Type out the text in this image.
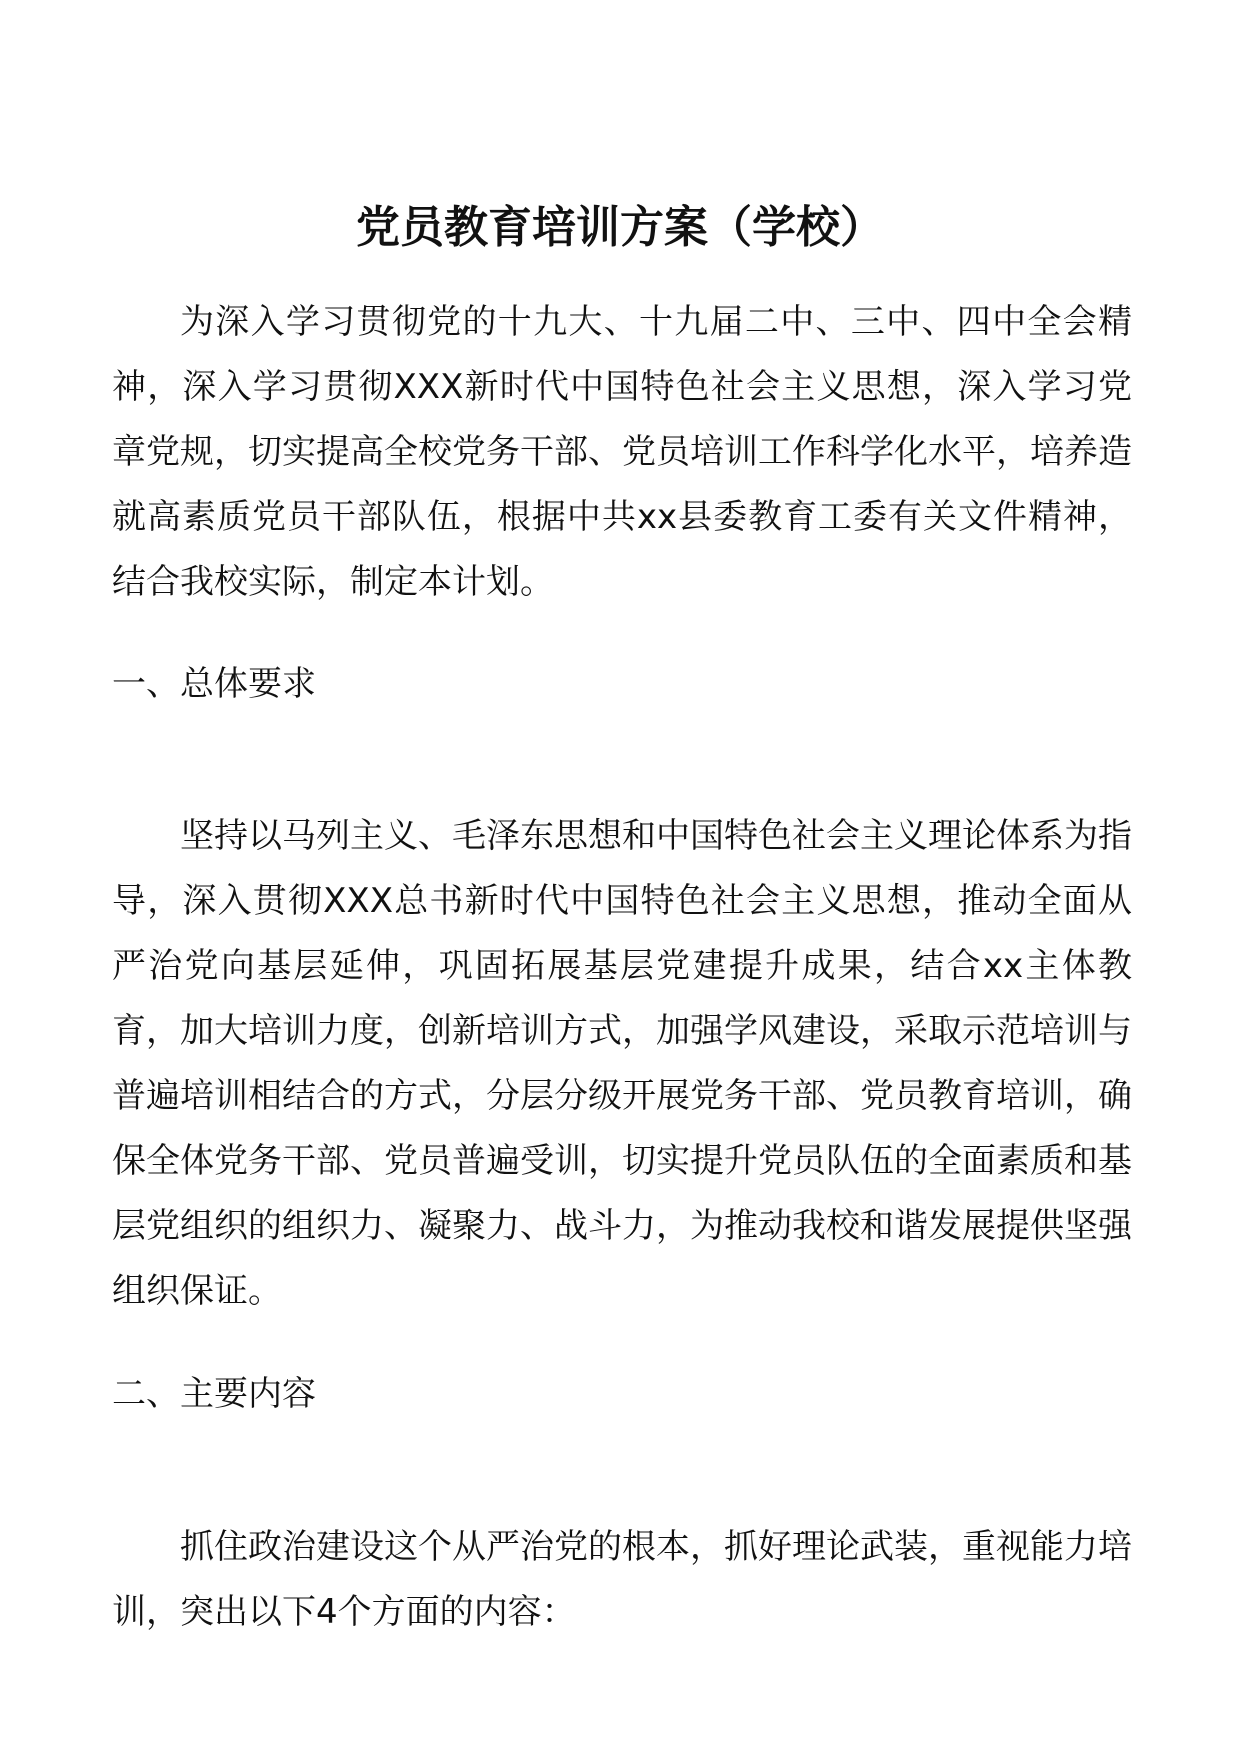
党员教育培训方案（学校）

为深入学习贯彻党的十九大、十九届二中、三中、四中全会精神，深入学习贯彻XXX新时代中国特色社会主义思想，深入学习党章党规，切实提高全校党务干部、党员培训工作科学化水平，培养造就高素质党员干部队伍，根据中共xx县委教育工委有关文件精神，结合我校实际，制定本计划。

一、总体要求

坚持以马列主义、毛泽东思想和中国特色社会主义理论体系为指导，深入贯彻XXX总书新时代中国特色社会主义思想，推动全面从严治党向基层延伸，巩固拓展基层党建提升成果，结合xx主体教育，加大培训力度，创新培训方式，加强学风建设，采取示范培训与普遍培训相结合的方式，分层分级开展党务干部、党员教育培训，确保全体党务干部、党员普遍受训，切实提升党员队伍的全面素质和基层党组织的组织力、凝聚力、战斗力，为推动我校和谐发展提供坚强组织保证。

二、主要内容

抓住政治建设这个从严治党的根本，抓好理论武装，重视能力培训，突出以下4个方面的内容：
